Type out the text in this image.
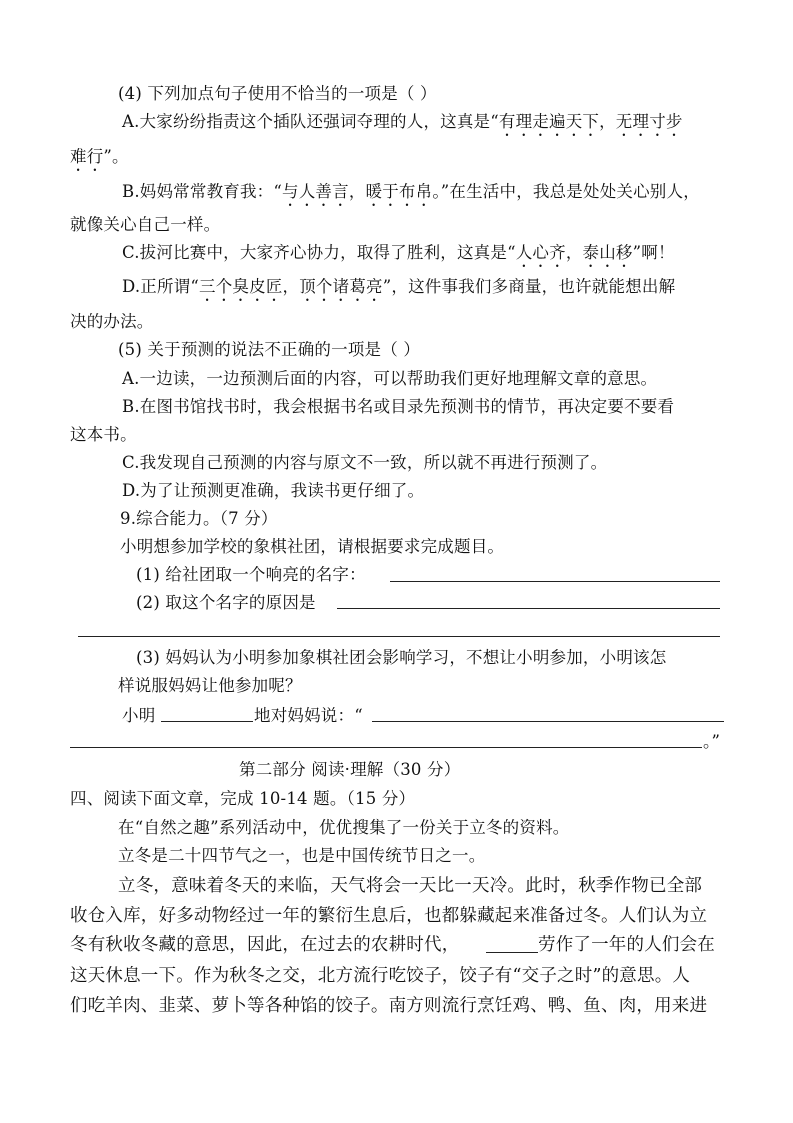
(4) 下列加点句子使用不恰当的一项是（ ）
A.大家纷纷指责这个插队还强词夺理的人，这真是“有理走遍天下，无理寸步
难行”。
B.妈妈常常教育我：“与人善言，暖于布帛。”在生活中，我总是处处关心别人，
就像关心自己一样。
C.拔河比赛中，大家齐心协力，取得了胜利，这真是“人心齐，泰山移”啊！
D.正所谓“三个臭皮匠，顶个诸葛亮”，这件事我们多商量，也许就能想出解
决的办法。
(5) 关于预测的说法不正确的一项是（ ）
A.一边读，一边预测后面的内容，可以帮助我们更好地理解文章的意思。
B.在图书馆找书时，我会根据书名或目录先预测书的情节，再决定要不要看
这本书。
C.我发现自己预测的内容与原文不一致，所以就不再进行预测了。
D.为了让预测更准确，我读书更仔细了。
9.综合能力。（7 分）
小明想参加学校的象棋社团，请根据要求完成题目。
(1) 给社团取一个响亮的名字：
(2) 取这个名字的原因是
(3) 妈妈认为小明参加象棋社团会影响学习，不想让小明参加，小明该怎
样说服妈妈让他参加呢？
小明	地对妈妈说：“
。”
第二部分 阅读·理解（30 分）
四、阅读下面文章，完成 10-14 题。（15 分）
在“自然之趣”系列活动中，优优搜集了一份关于立冬的资料。
立冬是二十四节气之一，也是中国传统节日之一。
立冬，意味着冬天的来临，天气将会一天比一天冷。此时，秋季作物已全部
收仓入库，好多动物经过一年的繁衍生息后，也都躲藏起来准备过冬。人们认为立
冬有秋收冬藏的意思，因此，在过去的农耕时代，	劳作了一年的人们会在
这天休息一下。作为秋冬之交，北方流行吃饺子，饺子有“交子之时”的意思。人
们吃羊肉、韭菜、萝卜等各种馅的饺子。南方则流行烹饪鸡、鸭、鱼、肉，用来进
